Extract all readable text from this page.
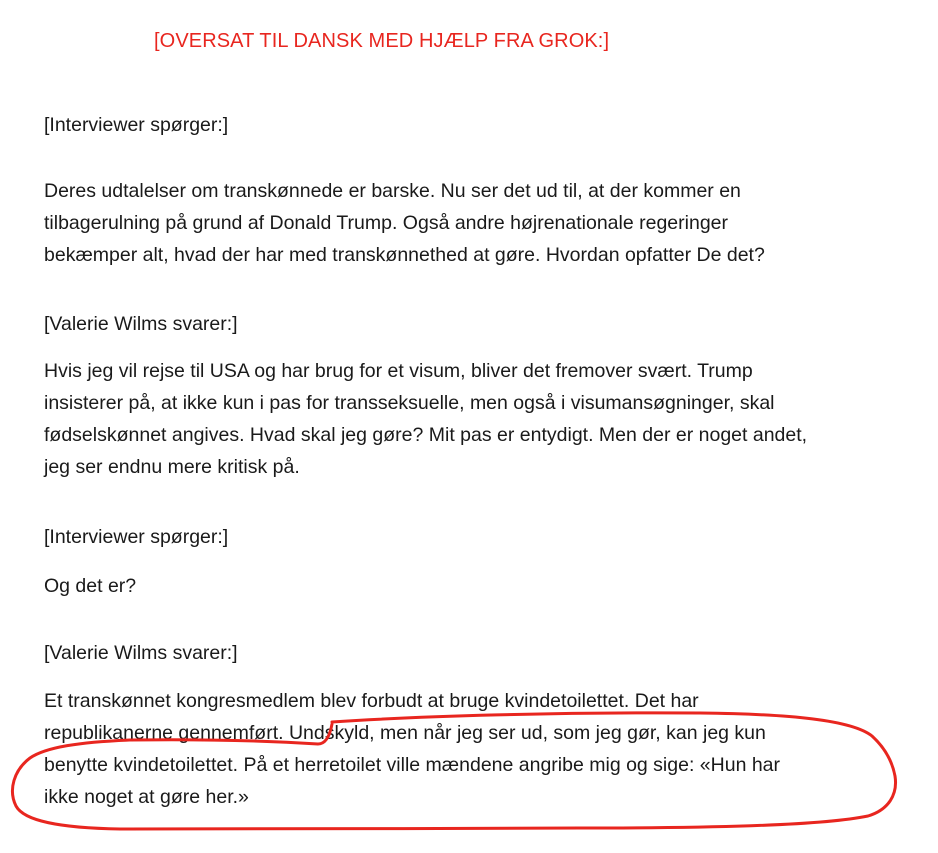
[OVERSAT TIL DANSK MED HJÆLP FRA GROK:]
[Interviewer spørger:]
Deres udtalelser om transkønnede er barske. Nu ser det ud til, at der kommer en
tilbagerulning på grund af Donald Trump. Også andre højrenationale regeringer
bekæmper alt, hvad der har med transkønnethed at gøre. Hvordan opfatter De det?
[Valerie Wilms svarer:]
Hvis jeg vil rejse til USA og har brug for et visum, bliver det fremover svært. Trump
insisterer på, at ikke kun i pas for transseksuelle, men også i visumansøgninger, skal
fødselskønnet angives. Hvad skal jeg gøre? Mit pas er entydigt. Men der er noget andet,
jeg ser endnu mere kritisk på.
[Interviewer spørger:]
Og det er?
[Valerie Wilms svarer:]
Et transkønnet kongresmedlem blev forbudt at bruge kvindetoilettet. Det har
republikanerne gennemført. Undskyld, men når jeg ser ud, som jeg gør, kan jeg kun
benytte kvindetoilettet. På et herretoilet ville mændene angribe mig og sige: «Hun har
ikke noget at gøre her.»
